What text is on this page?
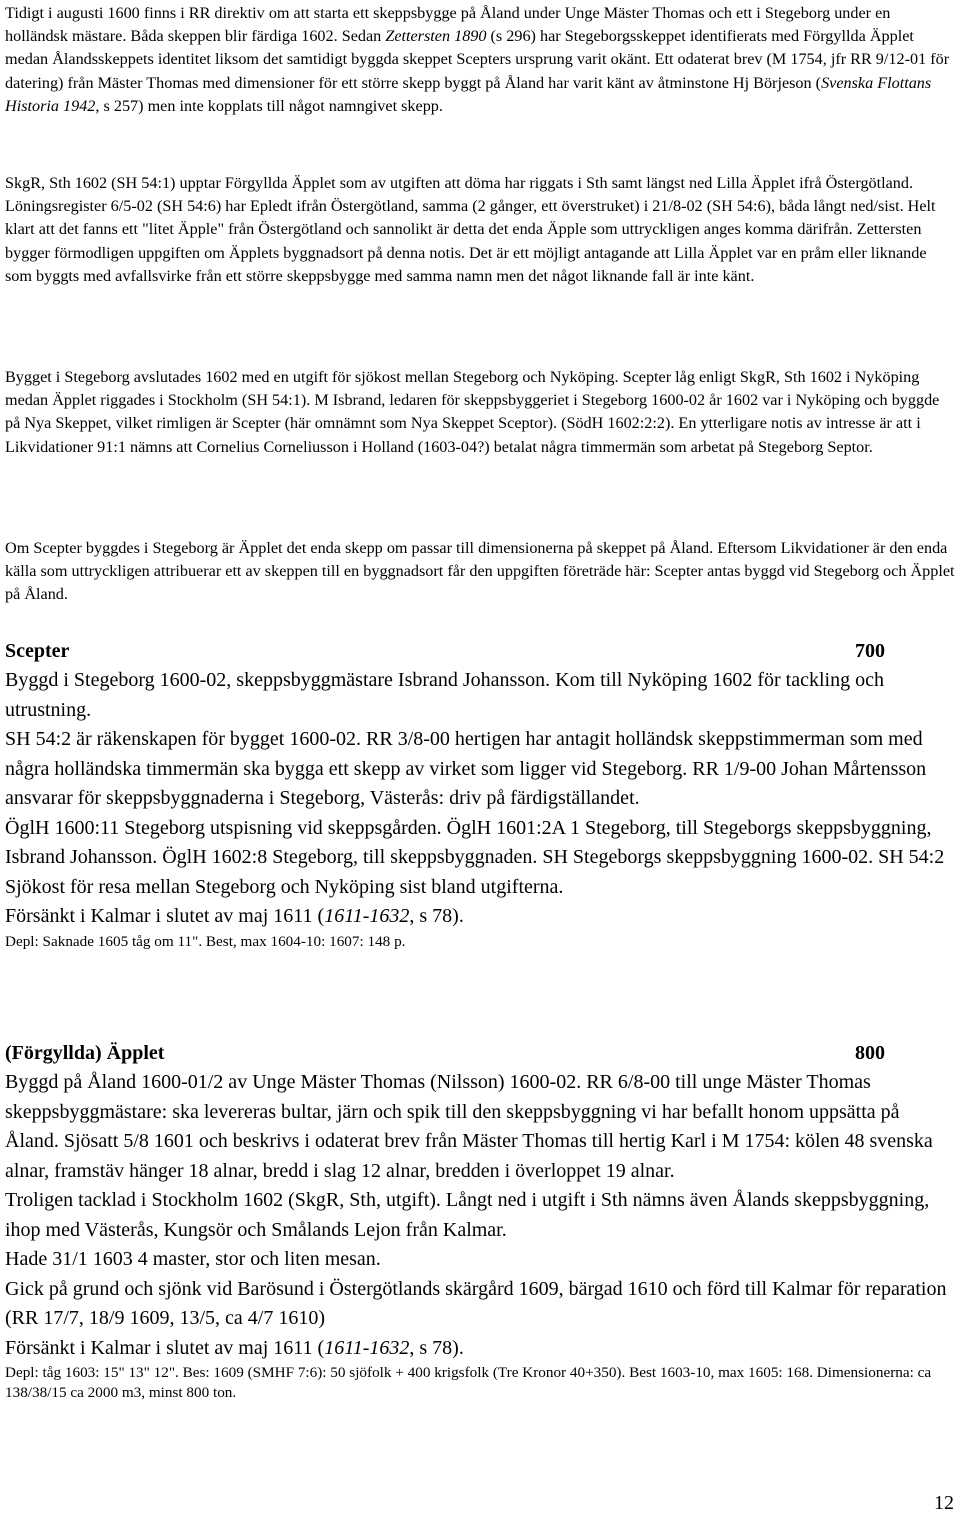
Tidigt i augusti 1600 finns i RR direktiv om att starta ett skeppsbygge på Åland under Unge Mäster Thomas och ett i Stegeborg under en holländsk mästare. Båda skeppen blir färdiga 1602. Sedan Zettersten 1890 (s 296) har Stegeborgsskeppet identifierats med Förgyllda Äpplet medan Ålandsskeppets identitet liksom det samtidigt byggda skeppet Scepters ursprung varit okänt. Ett odaterat brev (M 1754, jfr RR 9/12-01 för datering) från Mäster Thomas med dimensioner för ett större skepp byggt på Åland har varit känt av åtminstone Hj Börjeson (Svenska Flottans Historia 1942, s 257) men inte kopplats till något namngivet skepp.

SkgR, Sth 1602 (SH 54:1) upptar Förgyllda Äpplet som av utgiften att döma har riggats i Sth samt längst ned Lilla Äpplet ifrå Östergötland. Löningsregister 6/5-02 (SH 54:6) har Epledt ifrån Östergötland, samma (2 gånger, ett överstruket) i 21/8-02 (SH 54:6), båda långt ned/sist. Helt klart att det fanns ett "litet Äpple" från Östergötland och sannolikt är detta det enda Äpple som uttryckligen anges komma därifrån. Zettersten bygger förmodligen uppgiften om Äpplets byggnadsort på denna notis. Det är ett möjligt antagande att Lilla Äpplet var en pråm eller liknande som byggts med avfallsvirke från ett större skeppsbygge med samma namn men det något liknande fall är inte känt.

Bygget i Stegeborg avslutades 1602 med en utgift för sjökost mellan Stegeborg och Nyköping. Scepter låg enligt SkgR, Sth 1602 i Nyköping medan Äpplet riggades i Stockholm (SH 54:1). M Isbrand, ledaren för skeppsbyggeriet i Stegeborg 1600-02 år 1602 var i Nyköping och byggde på Nya Skeppet, vilket rimligen är Scepter (här omnämnt som Nya Skeppet Sceptor). (SödH 1602:2:2). En ytterligare notis av intresse är att i Likvidationer 91:1 nämns att Cornelius Corneliusson i Holland (1603-04?) betalat några timmermän som arbetat på Stegeborg Septor.

Om Scepter byggdes i Stegeborg är Äpplet det enda skepp om passar till dimensionerna på skeppet på Åland. Eftersom Likvidationer är den enda källa som uttryckligen attribuerar ett av skeppen till en byggnadsort får den uppgiften företräde här: Scepter antas byggd vid Stegeborg och Äpplet på Åland.

Scepter	700
Byggd i Stegeborg 1600-02, skeppsbyggmästare Isbrand Johansson. Kom till Nyköping 1602 för tackling och utrustning.
SH 54:2 är räkenskapen för bygget 1600-02. RR 3/8-00 hertigen har antagit holländsk skeppstimmerman som med några holländska timmermän ska bygga ett skepp av virket som ligger vid Stegeborg. RR 1/9-00 Johan Mårtensson ansvarar för skeppsbyggnaderna i Stegeborg, Västerås: driv på färdigställandet.
ÖglH 1600:11 Stegeborg utspisning vid skeppsgården. ÖglH 1601:2A 1 Stegeborg, till Stegeborgs skeppsbyggning, Isbrand Johansson. ÖglH 1602:8 Stegeborg, till skeppsbyggnaden. SH Stegeborgs skeppsbyggning 1600-02. SH 54:2 Sjökost för resa mellan Stegeborg och Nyköping sist bland utgifterna.
Försänkt i Kalmar i slutet av maj 1611 (1611-1632, s 78).
Depl: Saknade 1605 tåg om 11". Best, max 1604-10: 1607: 148 p.
(Förgyllda) Äpplet	800
Byggd på Åland 1600-01/2 av Unge Mäster Thomas (Nilsson) 1600-02. RR 6/8-00 till unge Mäster Thomas skeppsbyggmästare: ska levereras bultar, järn och spik till den skeppsbyggning vi har befallt honom uppsätta på Åland. Sjösatt 5/8 1601 och beskrivs i odaterat brev från Mäster Thomas till hertig Karl i M 1754: kölen 48 svenska alnar, framstäv hänger 18 alnar, bredd i slag 12 alnar, bredden i överloppet 19 alnar.
Troligen tacklad i Stockholm 1602 (SkgR, Sth, utgift). Långt ned i utgift i Sth nämns även Ålands skeppsbyggning, ihop med Västerås, Kungsör och Smålands Lejon från Kalmar.
Hade 31/1 1603 4 master, stor och liten mesan.
Gick på grund och sjönk vid Barösund i Östergötlands skärgård 1609, bärgad 1610 och förd till Kalmar för reparation (RR 17/7, 18/9 1609, 13/5, ca 4/7 1610)
Försänkt i Kalmar i slutet av maj 1611 (1611-1632, s 78).
Depl: tåg 1603: 15" 13" 12". Bes: 1609 (SMHF 7:6): 50 sjöfolk + 400 krigsfolk (Tre Kronor 40+350). Best 1603-10, max 1605: 168. Dimensionerna: ca 138/38/15 ca 2000 m3, minst 800 ton.
12
